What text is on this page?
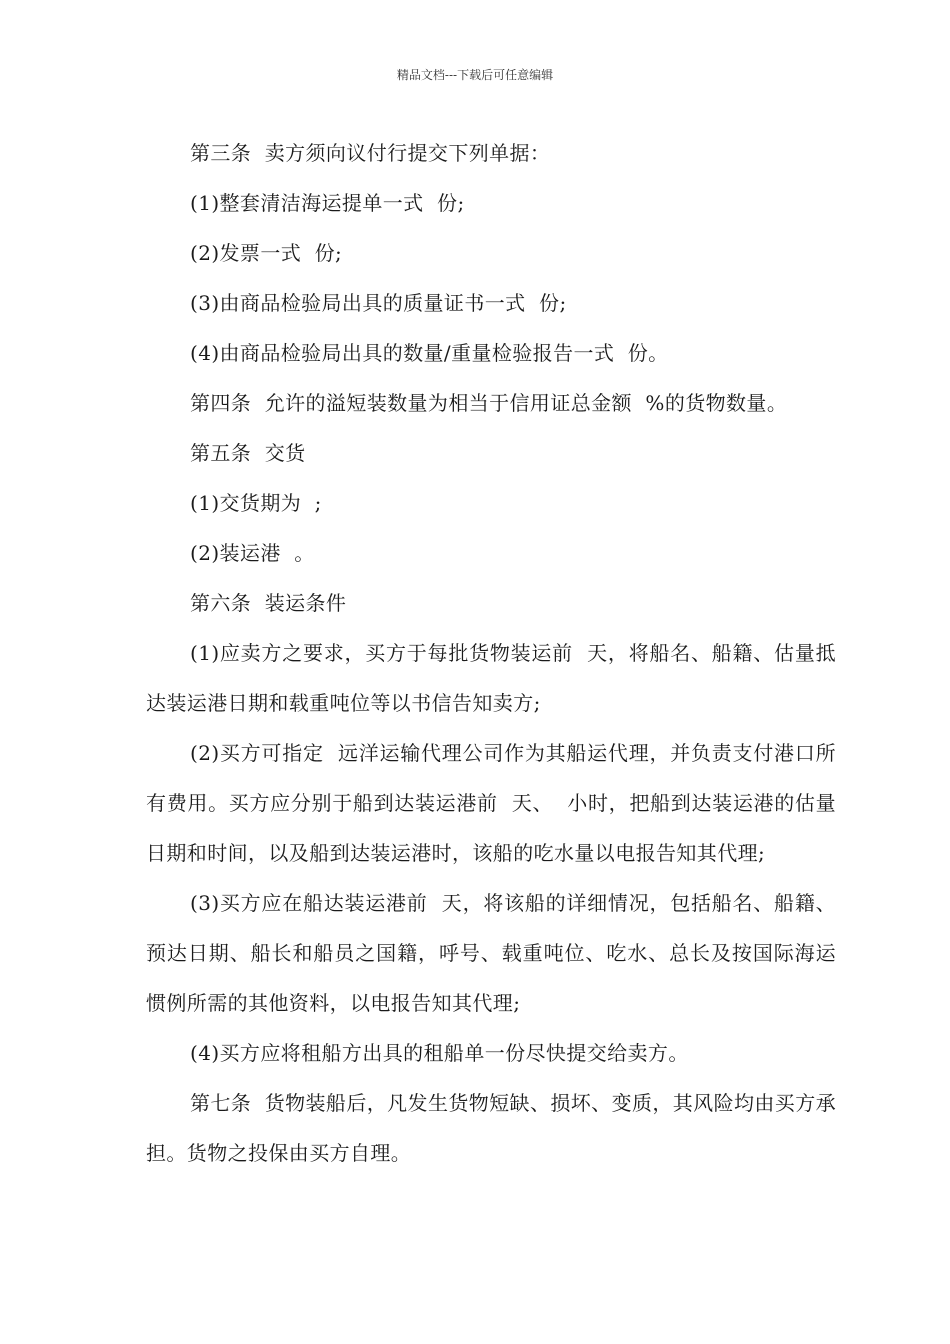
精品文档---下载后可任意编辑

第三条  卖方须向议付行提交下列单据：

(1)整套清洁海运提单一式  份;

(2)发票一式  份;

(3)由商品检验局出具的质量证书一式  份;

(4)由商品检验局出具的数量/重量检验报告一式  份。

第四条  允许的溢短装数量为相当于信用证总金额  %的货物数量。

第五条  交货

(1)交货期为  ;

(2)装运港  。

第六条  装运条件

(1)应卖方之要求，买方于每批货物装运前  天，将船名、船籍、估量抵达装运港日期和载重吨位等以书信告知卖方;

(2)买方可指定  远洋运输代理公司作为其船运代理，并负责支付港口所有费用。买方应分别于船到达装运港前  天、  小时，把船到达装运港的估量日期和时间，以及船到达装运港时，该船的吃水量以电报告知其代理;

(3)买方应在船达装运港前  天，将该船的详细情况，包括船名、船籍、预达日期、船长和船员之国籍，呼号、载重吨位、吃水、总长及按国际海运惯例所需的其他资料，以电报告知其代理;

(4)买方应将租船方出具的租船单一份尽快提交给卖方。

第七条  货物装船后，凡发生货物短缺、损坏、变质，其风险均由买方承担。货物之投保由买方自理。
